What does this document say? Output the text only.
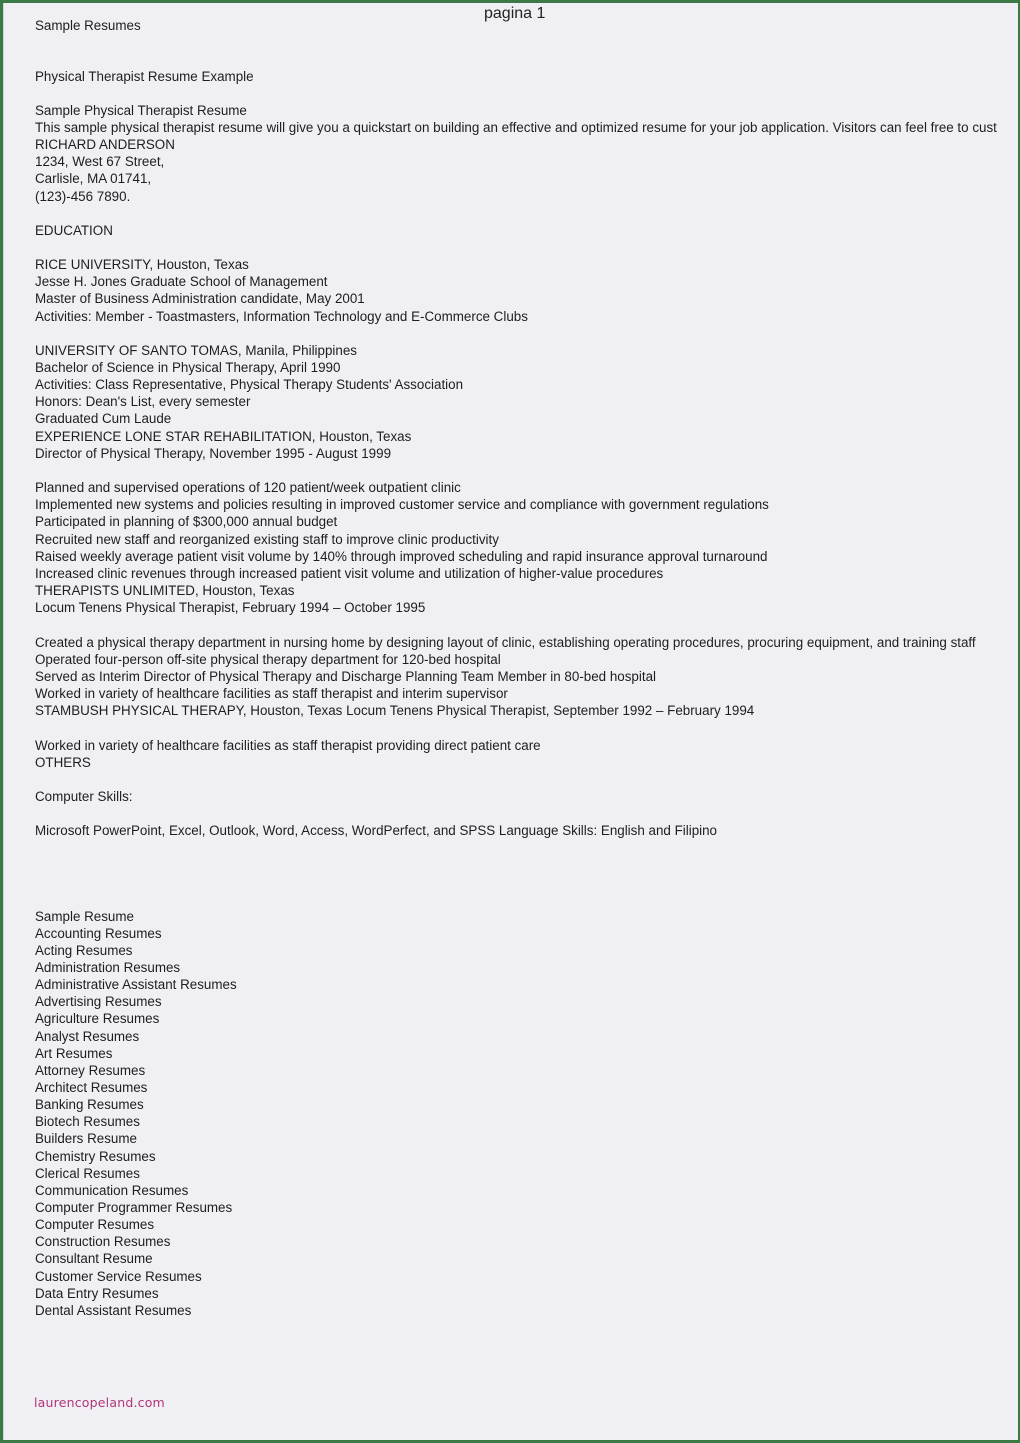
pagina 1
Sample Resumes
Physical Therapist Resume Example
Sample Physical Therapist Resume
This sample physical therapist resume will give you a quickstart on building an effective and optimized resume for your job application. Visitors can feel free to cust
RICHARD ANDERSON
1234, West 67 Street,
Carlisle, MA 01741,
(123)-456 7890.
EDUCATION
RICE UNIVERSITY, Houston, Texas
Jesse H. Jones Graduate School of Management
Master of Business Administration candidate, May 2001
Activities: Member - Toastmasters, Information Technology and E-Commerce Clubs
UNIVERSITY OF SANTO TOMAS, Manila, Philippines
Bachelor of Science in Physical Therapy, April 1990
Activities: Class Representative, Physical Therapy Students' Association
Honors: Dean's List, every semester
Graduated Cum Laude
EXPERIENCE LONE STAR REHABILITATION, Houston, Texas
Director of Physical Therapy, November 1995 - August 1999
Planned and supervised operations of 120 patient/week outpatient clinic
Implemented new systems and policies resulting in improved customer service and compliance with government regulations
Participated in planning of $300,000 annual budget
Recruited new staff and reorganized existing staff to improve clinic productivity
Raised weekly average patient visit volume by 140% through improved scheduling and rapid insurance approval turnaround
Increased clinic revenues through increased patient visit volume and utilization of higher-value procedures
THERAPISTS UNLIMITED, Houston, Texas
Locum Tenens Physical Therapist, February 1994 – October 1995
Created a physical therapy department in nursing home by designing layout of clinic, establishing operating procedures, procuring equipment, and training staff
Operated four-person off-site physical therapy department for 120-bed hospital
Served as Interim Director of Physical Therapy and Discharge Planning Team Member in 80-bed hospital
Worked in variety of healthcare facilities as staff therapist and interim supervisor
STAMBUSH PHYSICAL THERAPY, Houston, Texas Locum Tenens Physical Therapist, September 1992 – February 1994
Worked in variety of healthcare facilities as staff therapist providing direct patient care
OTHERS
Computer Skills:
Microsoft PowerPoint, Excel, Outlook, Word, Access, WordPerfect, and SPSS Language Skills: English and Filipino
Sample Resume
Accounting Resumes
Acting Resumes
Administration Resumes
Administrative Assistant Resumes
Advertising Resumes
Agriculture Resumes
Analyst Resumes
Art Resumes
Attorney Resumes
Architect Resumes
Banking Resumes
Biotech Resumes
Builders Resume
Chemistry Resumes
Clerical Resumes
Communication Resumes
Computer Programmer Resumes
Computer Resumes
Construction Resumes
Consultant Resume
Customer Service Resumes
Data Entry Resumes
Dental Assistant Resumes
laurencopeland.com
